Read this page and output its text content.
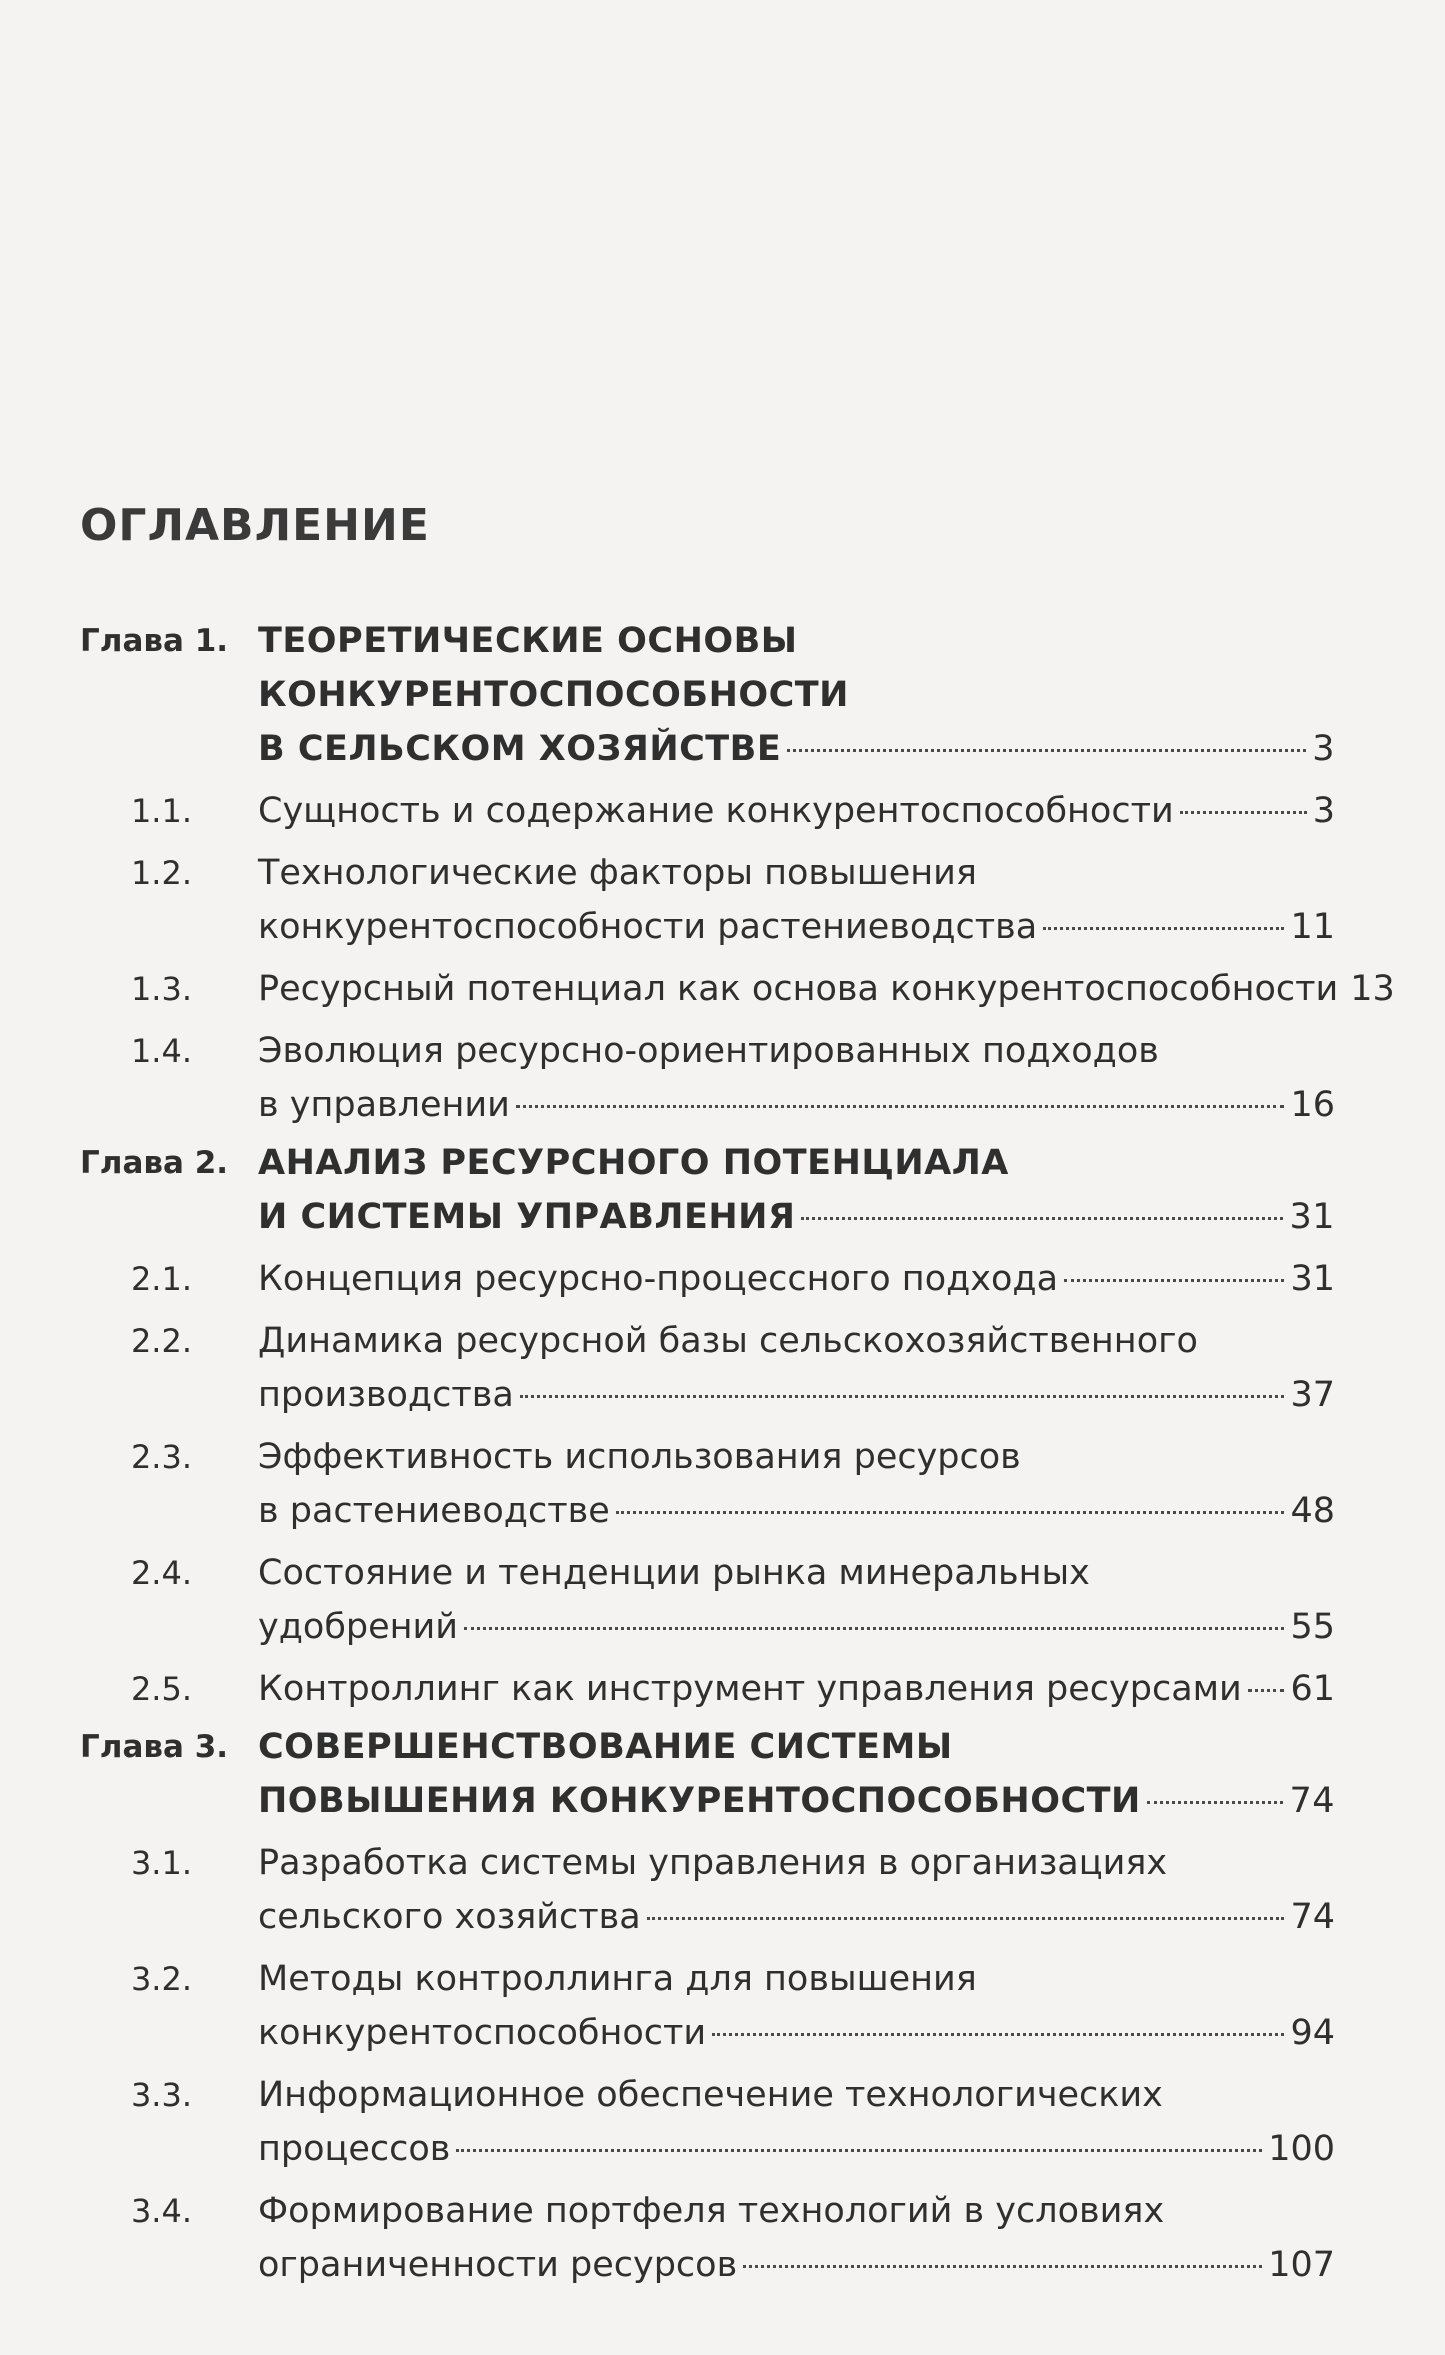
ОГЛАВЛЕНИЕ
Глава 1. ТЕОРЕТИЧЕСКИЕ ОСНОВЫ
КОНКУРЕНТОСПОСОБНОСТИ
В СЕЛЬСКОМ ХОЗЯЙСТВЕ	3
1.1.	Сущность и содержание конкурентоспособности	3
1.2.	Технологические факторы повышения
конкурентоспособности растениеводства	11
1.3.	Ресурсный потенциал как основа конкурентоспособности 13
1.4.	Эволюция ресурсно-ориентированных подходов
в управлении	16
Глава 2. АНАЛИЗ РЕСУРСНОГО ПОТЕНЦИАЛА
И СИСТЕМЫ УПРАВЛЕНИЯ	31
2.1.	Концепция ресурсно-процессного подхода	31
2.2.	Динамика ресурсной базы сельскохозяйственного
производства	37
2.3.	Эффективность использования ресурсов
в растениеводстве	48
2.4.	Состояние и тенденции рынка минеральных
удобрений	55
2.5.	Контроллинг как инструмент управления ресурсами 61
Глава 3. СОВЕРШЕНСТВОВАНИЕ СИСТЕМЫ
ПОВЫШЕНИЯ КОНКУРЕНТОСПОСОБНОСТИ	74
3.1.	Разработка системы управления в организациях
сельского хозяйства	74
3.2.	Методы контроллинга для повышения
конкурентоспособности	94
3.3.	Информационное обеспечение технологических
процессов	100
3.4.	Формирование портфеля технологий в условиях
ограниченности ресурсов	107
